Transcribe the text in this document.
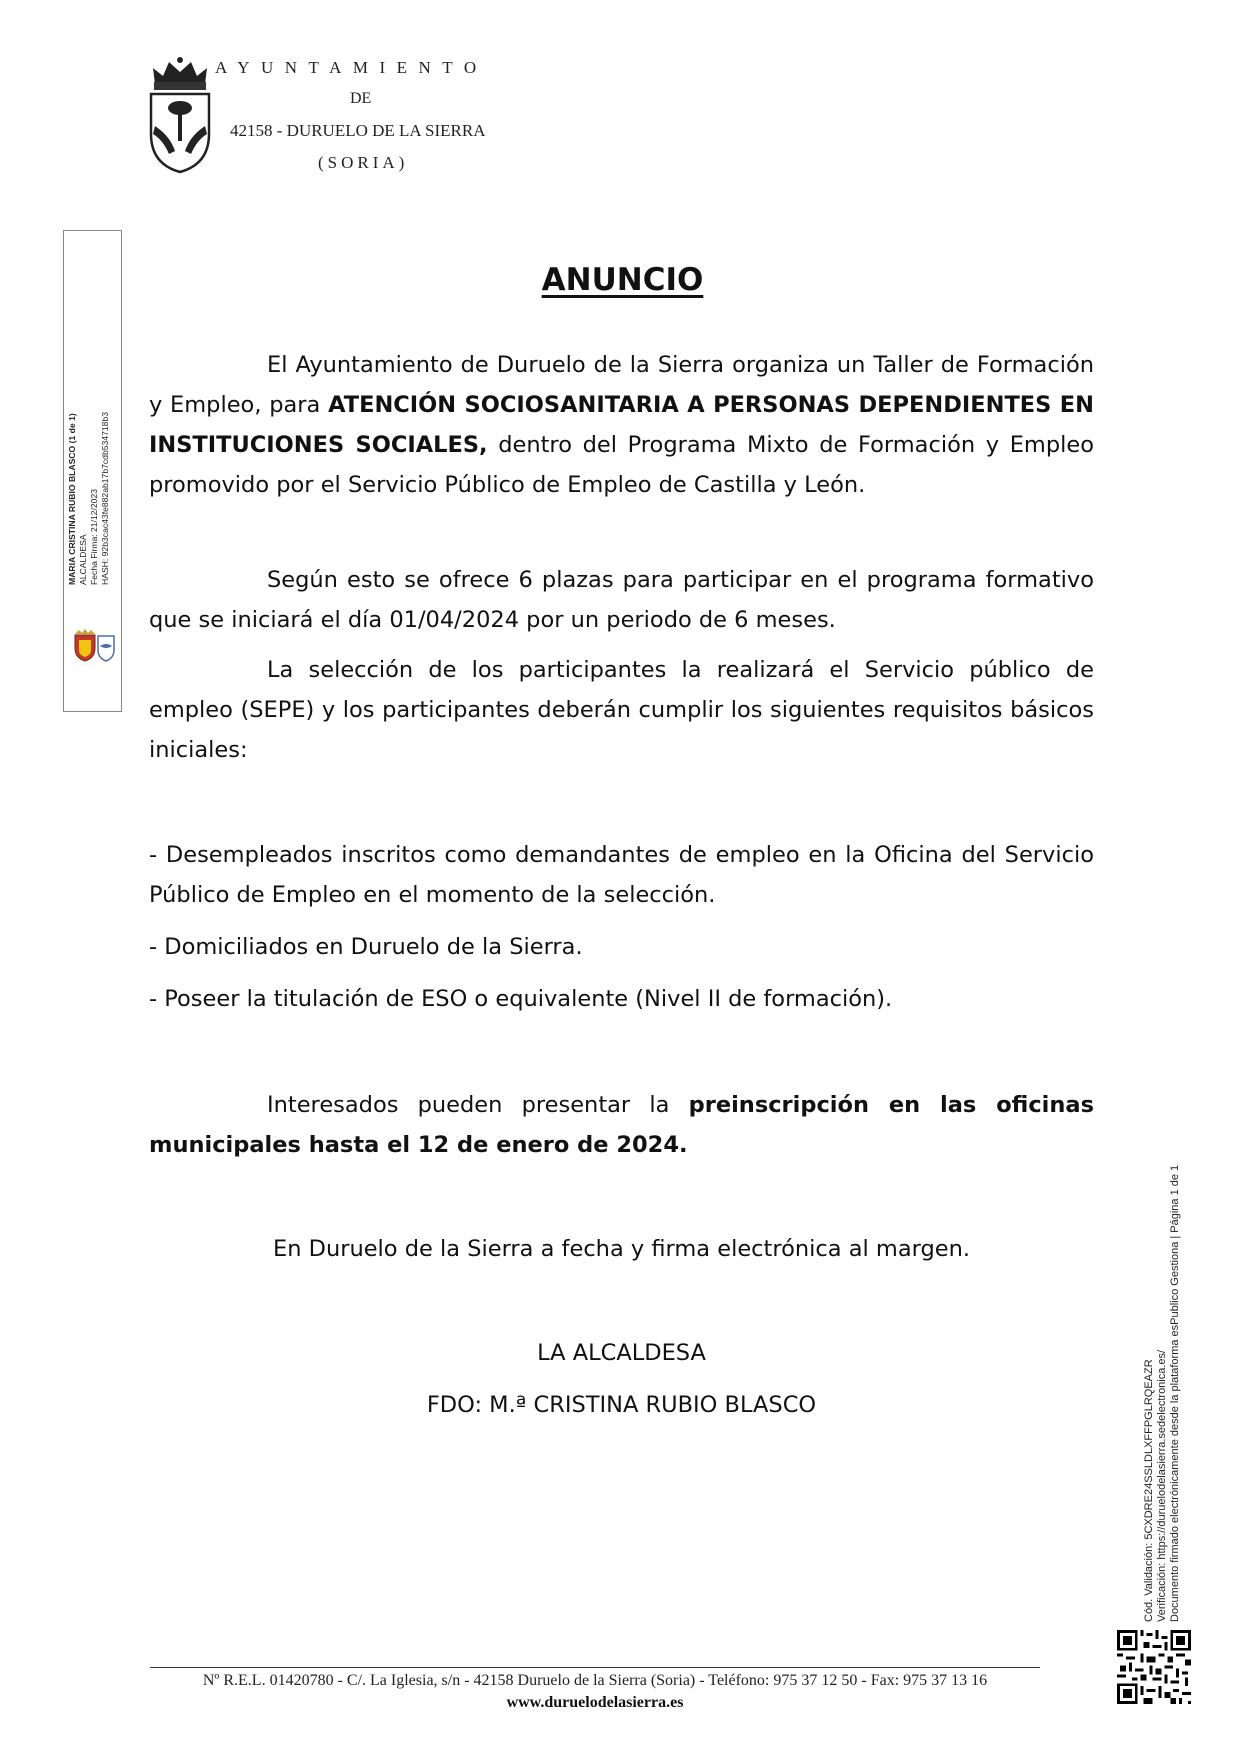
AYUNTAMIENTO
DE
42158 - DURUELO DE LA SIERRA
(SORIA)
MARIA CRISTINA RUBIO BLASCO (1 de 1) ALCALDESA Fecha Firma: 21/12/2023 HASH: 92b3cac43fe882ab17b7cdb534718b3
Cód. Validación: 5CXDRE24SSLDLXFFPGLRQEAZR Verificación: https://duruelodelasierra.sedelectronica.es/ Documento firmado electrónicamente desde la plataforma esPublico Gestiona | Página 1 de 1
ANUNCIO
El Ayuntamiento de Duruelo de la Sierra organiza un Taller de Formación y Empleo, para ATENCIÓN SOCIOSANITARIA A PERSONAS DEPENDIENTES EN INSTITUCIONES SOCIALES, dentro del Programa Mixto de Formación y Empleo promovido por el Servicio Público de Empleo de Castilla y León.
Según esto se ofrece 6 plazas para participar en el programa formativo que se iniciará el día 01/04/2024 por un periodo de 6 meses.
La selección de los participantes la realizará el Servicio público de empleo (SEPE) y los participantes deberán cumplir los siguientes requisitos básicos iniciales:
- Desempleados inscritos como demandantes de empleo en la Oficina del Servicio Público de Empleo en el momento de la selección.
- Domiciliados en Duruelo de la Sierra.
- Poseer la titulación de ESO o equivalente (Nivel II de formación).
Interesados pueden presentar la preinscripción en las oficinas municipales hasta el 12 de enero de 2024.
En Duruelo de la Sierra a fecha y firma electrónica al margen.
LA ALCALDESA
FDO: M.ª CRISTINA RUBIO BLASCO
Nº R.E.L. 01420780 - C/. La Iglesia, s/n - 42158 Duruelo de la Sierra (Soria) - Teléfono: 975 37 12 50 - Fax: 975 37 13 16
www.duruelodelasierra.es
